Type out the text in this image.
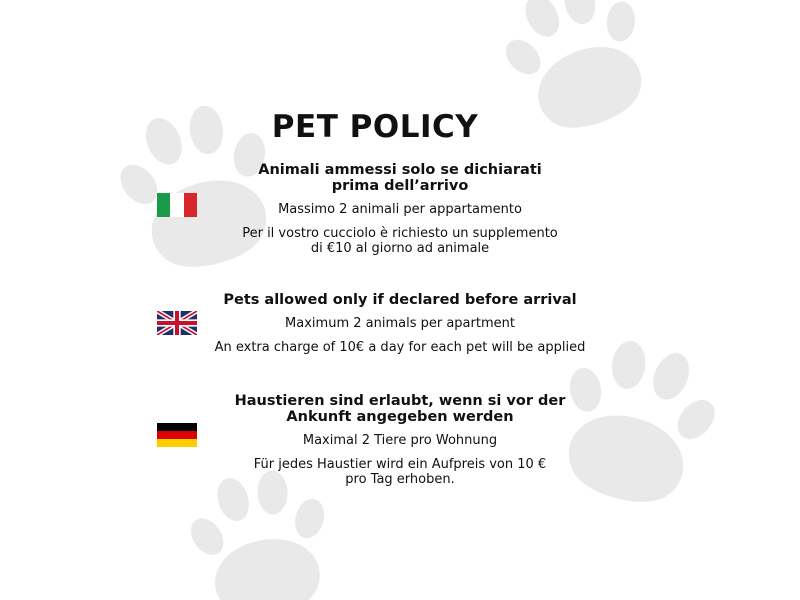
PET POLICY
Animali ammessi solo se dichiarati
prima dell’arrivo
Massimo 2 animali per appartamento
Per il vostro cucciolo è richiesto un supplemento
di €10 al giorno ad animale
Pets allowed only if declared before arrival
Maximum 2 animals per apartment
An extra charge of 10€ a day for each pet will be applied
Haustieren sind erlaubt, wenn si vor der
Ankunft angegeben werden
Maximal 2 Tiere pro Wohnung
Für jedes Haustier wird ein Aufpreis von 10 €
pro Tag erhoben.
